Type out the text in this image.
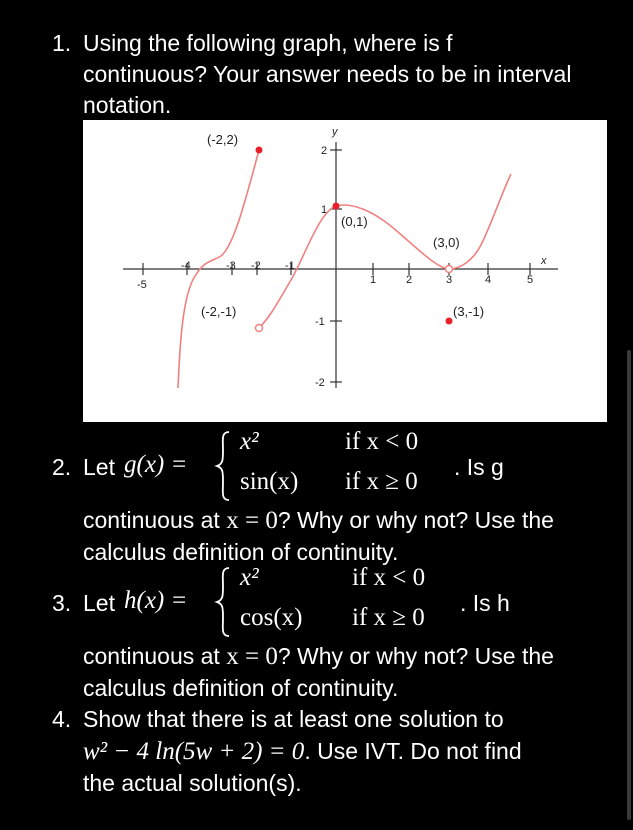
1. Using the following graph, where is f
continuous? Your answer needs to be in interval
notation.
y
x
-5
-4	-3 -2 -1
1	2	3	4	5
2
1
-1
-2
(-2,2)
(-2,-1)
(0,1)
(3,0)
(3,-1)
2. Let g(x) =
x²	if x < 0
sin(x) if x ≥ 0
. Is g
continuous at x = 0? Why or why not? Use the
calculus definition of continuity.
3. Let h(x) =
x²	if x < 0
cos(x) if x ≥ 0
. Is h
continuous at x = 0? Why or why not? Use the
calculus definition of continuity.
4. Show that there is at least one solution to
w² − 4 ln(5w + 2) = 0. Use IVT. Do not find
the actual solution(s).
